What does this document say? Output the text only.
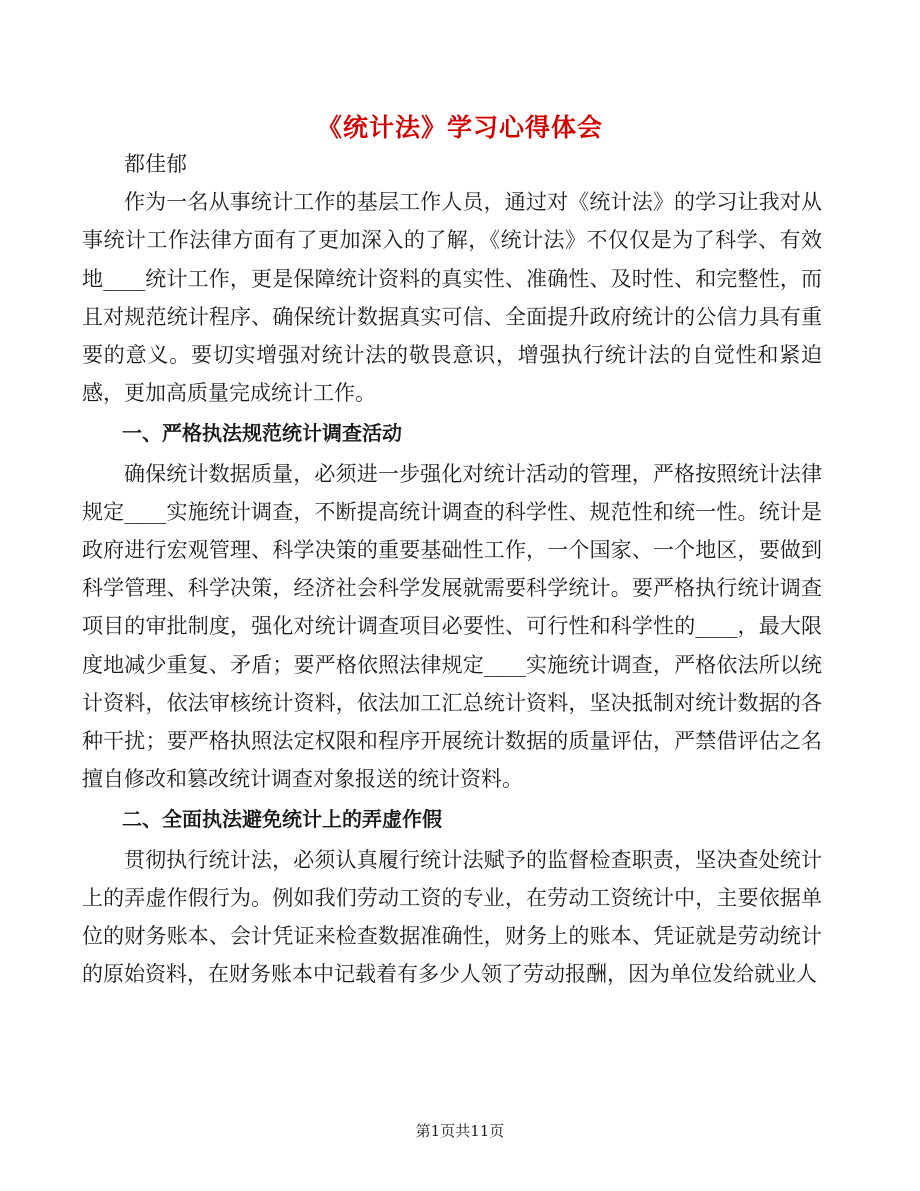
《统计法》学习心得体会

都佳郁

作为一名从事统计工作的基层工作人员，通过对《统计法》的学习让我对从事统计工作法律方面有了更加深入的了解，《统计法》不仅仅是为了科学、有效地____统计工作，更是保障统计资料的真实性、准确性、及时性、和完整性，而且对规范统计程序、确保统计数据真实可信、全面提升政府统计的公信力具有重要的意义。要切实增强对统计法的敬畏意识，增强执行统计法的自觉性和紧迫感，更加高质量完成统计工作。

一、严格执法规范统计调查活动

确保统计数据质量，必须进一步强化对统计活动的管理，严格按照统计法律规定____实施统计调查，不断提高统计调查的科学性、规范性和统一性。统计是政府进行宏观管理、科学决策的重要基础性工作，一个国家、一个地区，要做到科学管理、科学决策，经济社会科学发展就需要科学统计。要严格执行统计调查项目的审批制度，强化对统计调查项目必要性、可行性和科学性的____，最大限度地减少重复、矛盾；要严格依照法律规定____实施统计调查，严格依法所以统计资料，依法审核统计资料，依法加工汇总统计资料，坚决抵制对统计数据的各种干扰；要严格执照法定权限和程序开展统计数据的质量评估，严禁借评估之名擅自修改和篡改统计调查对象报送的统计资料。

二、全面执法避免统计上的弄虚作假

贯彻执行统计法，必须认真履行统计法赋予的监督检查职责，坚决查处统计上的弄虚作假行为。例如我们劳动工资的专业，在劳动工资统计中，主要依据单位的财务账本、会计凭证来检查数据准确性，财务上的账本、凭证就是劳动统计的原始资料，在财务账本中记载着有多少人领了劳动报酬，因为单位发给就业人

第1页共11页
